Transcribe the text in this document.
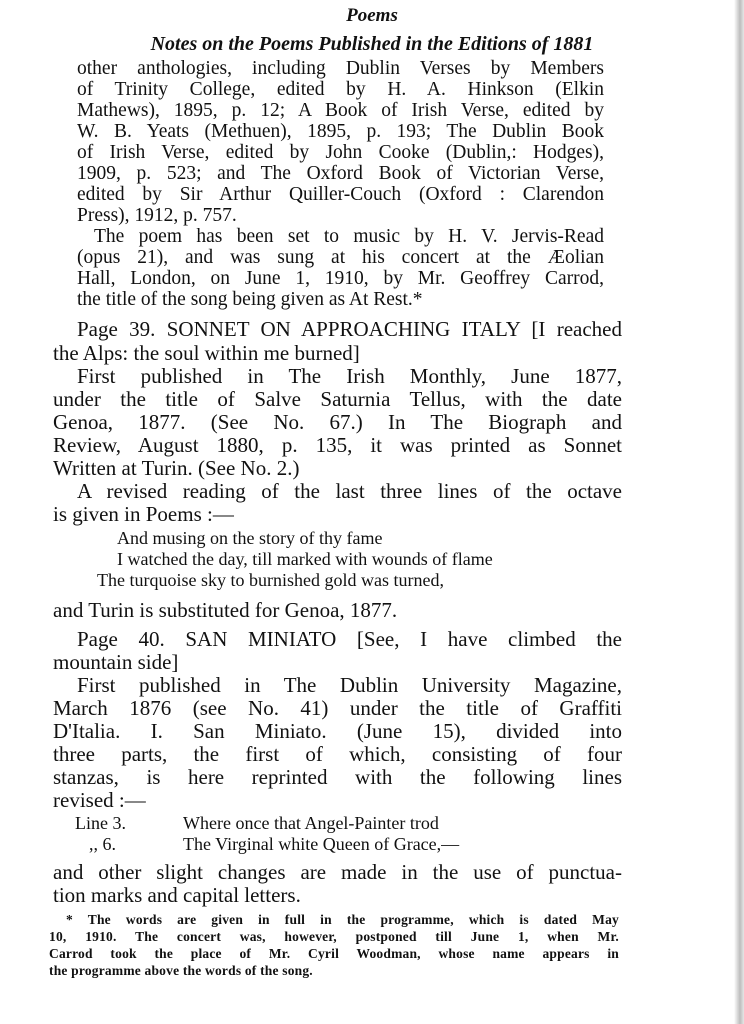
Poems
Notes on the Poems Published in the Editions of 1881
other anthologies, including Dublin Verses by Members
of Trinity College, edited by H. A. Hinkson (Elkin
Mathews), 1895, p. 12; A Book of Irish Verse, edited by
W. B. Yeats (Methuen), 1895, p. 193; The Dublin Book
of Irish Verse, edited by John Cooke (Dublin,: Hodges),
1909, p. 523; and The Oxford Book of Victorian Verse,
edited by Sir Arthur Quiller-Couch (Oxford : Clarendon
Press), 1912, p. 757.
The poem has been set to music by H. V. Jervis-Read
(opus 21), and was sung at his concert at the Æolian
Hall, London, on June 1, 1910, by Mr. Geoffrey Carrod,
the title of the song being given as At Rest.*
Page 39. SONNET ON APPROACHING ITALY [I reached
the Alps: the soul within me burned]
First published in The Irish Monthly, June 1877,
under the title of Salve Saturnia Tellus, with the date
Genoa, 1877. (See No. 67.) In The Biograph and
Review, August 1880, p. 135, it was printed as Sonnet
Written at Turin. (See No. 2.)
A revised reading of the last three lines of the octave
is given in Poems :—
And musing on the story of thy fame
I watched the day, till marked with wounds of flame
The turquoise sky to burnished gold was turned,
and Turin is substituted for Genoa, 1877.
Page 40. SAN MINIATO [See, I have climbed the
mountain side]
First published in The Dublin University Magazine,
March 1876 (see No. 41) under the title of Graffiti
D'Italia. I. San Miniato. (June 15), divided into
three parts, the first of which, consisting of four
stanzas, is here reprinted with the following lines
revised :—
Line 3.	Where once that Angel-Painter trod
,, 6.	The Virginal white Queen of Grace,—
and other slight changes are made in the use of punctua-
tion marks and capital letters.
* The words are given in full in the programme, which is dated May
10, 1910. The concert was, however, postponed till June 1, when Mr.
Carrod took the place of Mr. Cyril Woodman, whose name appears in
the programme above the words of the song.
